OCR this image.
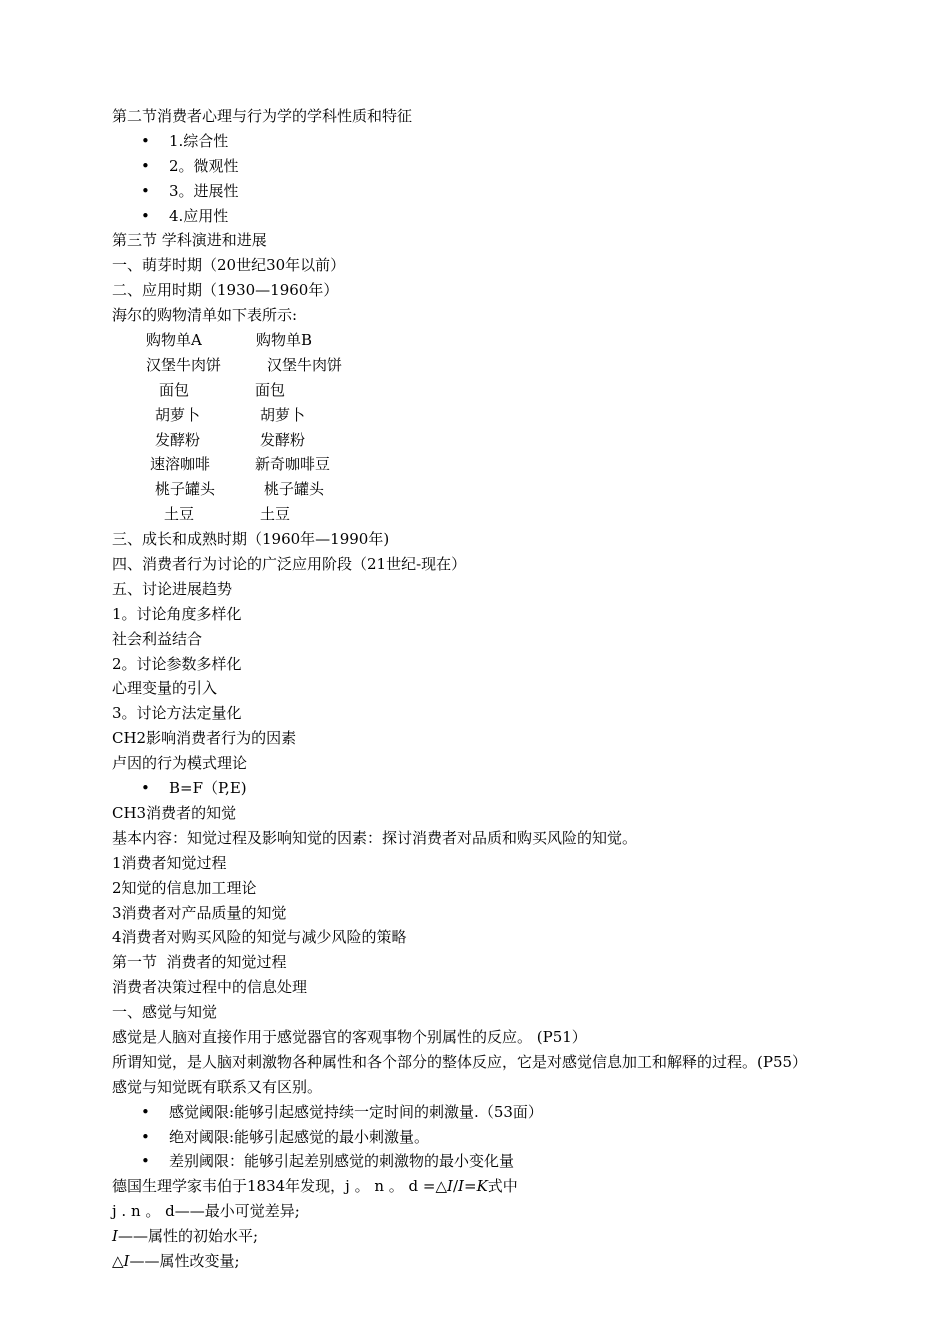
第二节消费者心理与行为学的学科性质和特征
• 1.综合性
• 2。微观性
• 3。进展性
• 4.应用性
第三节 学科演进和进展
一、萌芽时期（20世纪30年以前）
二、应用时期（1930—1960年）
海尔的购物清单如下表所示:
购物单A	购物单B
汉堡牛肉饼	汉堡牛肉饼
面包	面包
胡萝卜	胡萝卜
发酵粉	发酵粉
速溶咖啡	新奇咖啡豆
桃子罐头	桃子罐头
土豆	土豆
三、成长和成熟时期（1960年—1990年)
四、消费者行为讨论的广泛应用阶段（21世纪-现在）
五、讨论进展趋势
1。讨论角度多样化
社会利益结合
2。讨论参数多样化
心理变量的引入
3。讨论方法定量化
CH2影响消费者行为的因素
卢因的行为模式理论
• B=F（P,E)
CH3消费者的知觉
基本内容：知觉过程及影响知觉的因素：探讨消费者对品质和购买风险的知觉。
1消费者知觉过程
2知觉的信息加工理论
3消费者对产品质量的知觉
4消费者对购买风险的知觉与减少风险的策略
第一节  消费者的知觉过程
消费者决策过程中的信息处理
一、感觉与知觉
感觉是人脑对直接作用于感觉器官的客观事物个别属性的反应。 (P51）
所谓知觉，是人脑对刺激物各种属性和各个部分的整体反应，它是对感觉信息加工和解释的过程。(P55）
感觉与知觉既有联系又有区别。
• 感觉阈限:能够引起感觉持续一定时间的刺激量.（53面）
• 绝对阈限:能够引起感觉的最小刺激量。
• 差别阈限：能够引起差别感觉的刺激物的最小变化量
德国生理学家韦伯于1834年发现，j 。 n 。 d =△I/I=K式中
j . n 。 d——最小可觉差异;
I——属性的初始水平;
△I——属性改变量;
